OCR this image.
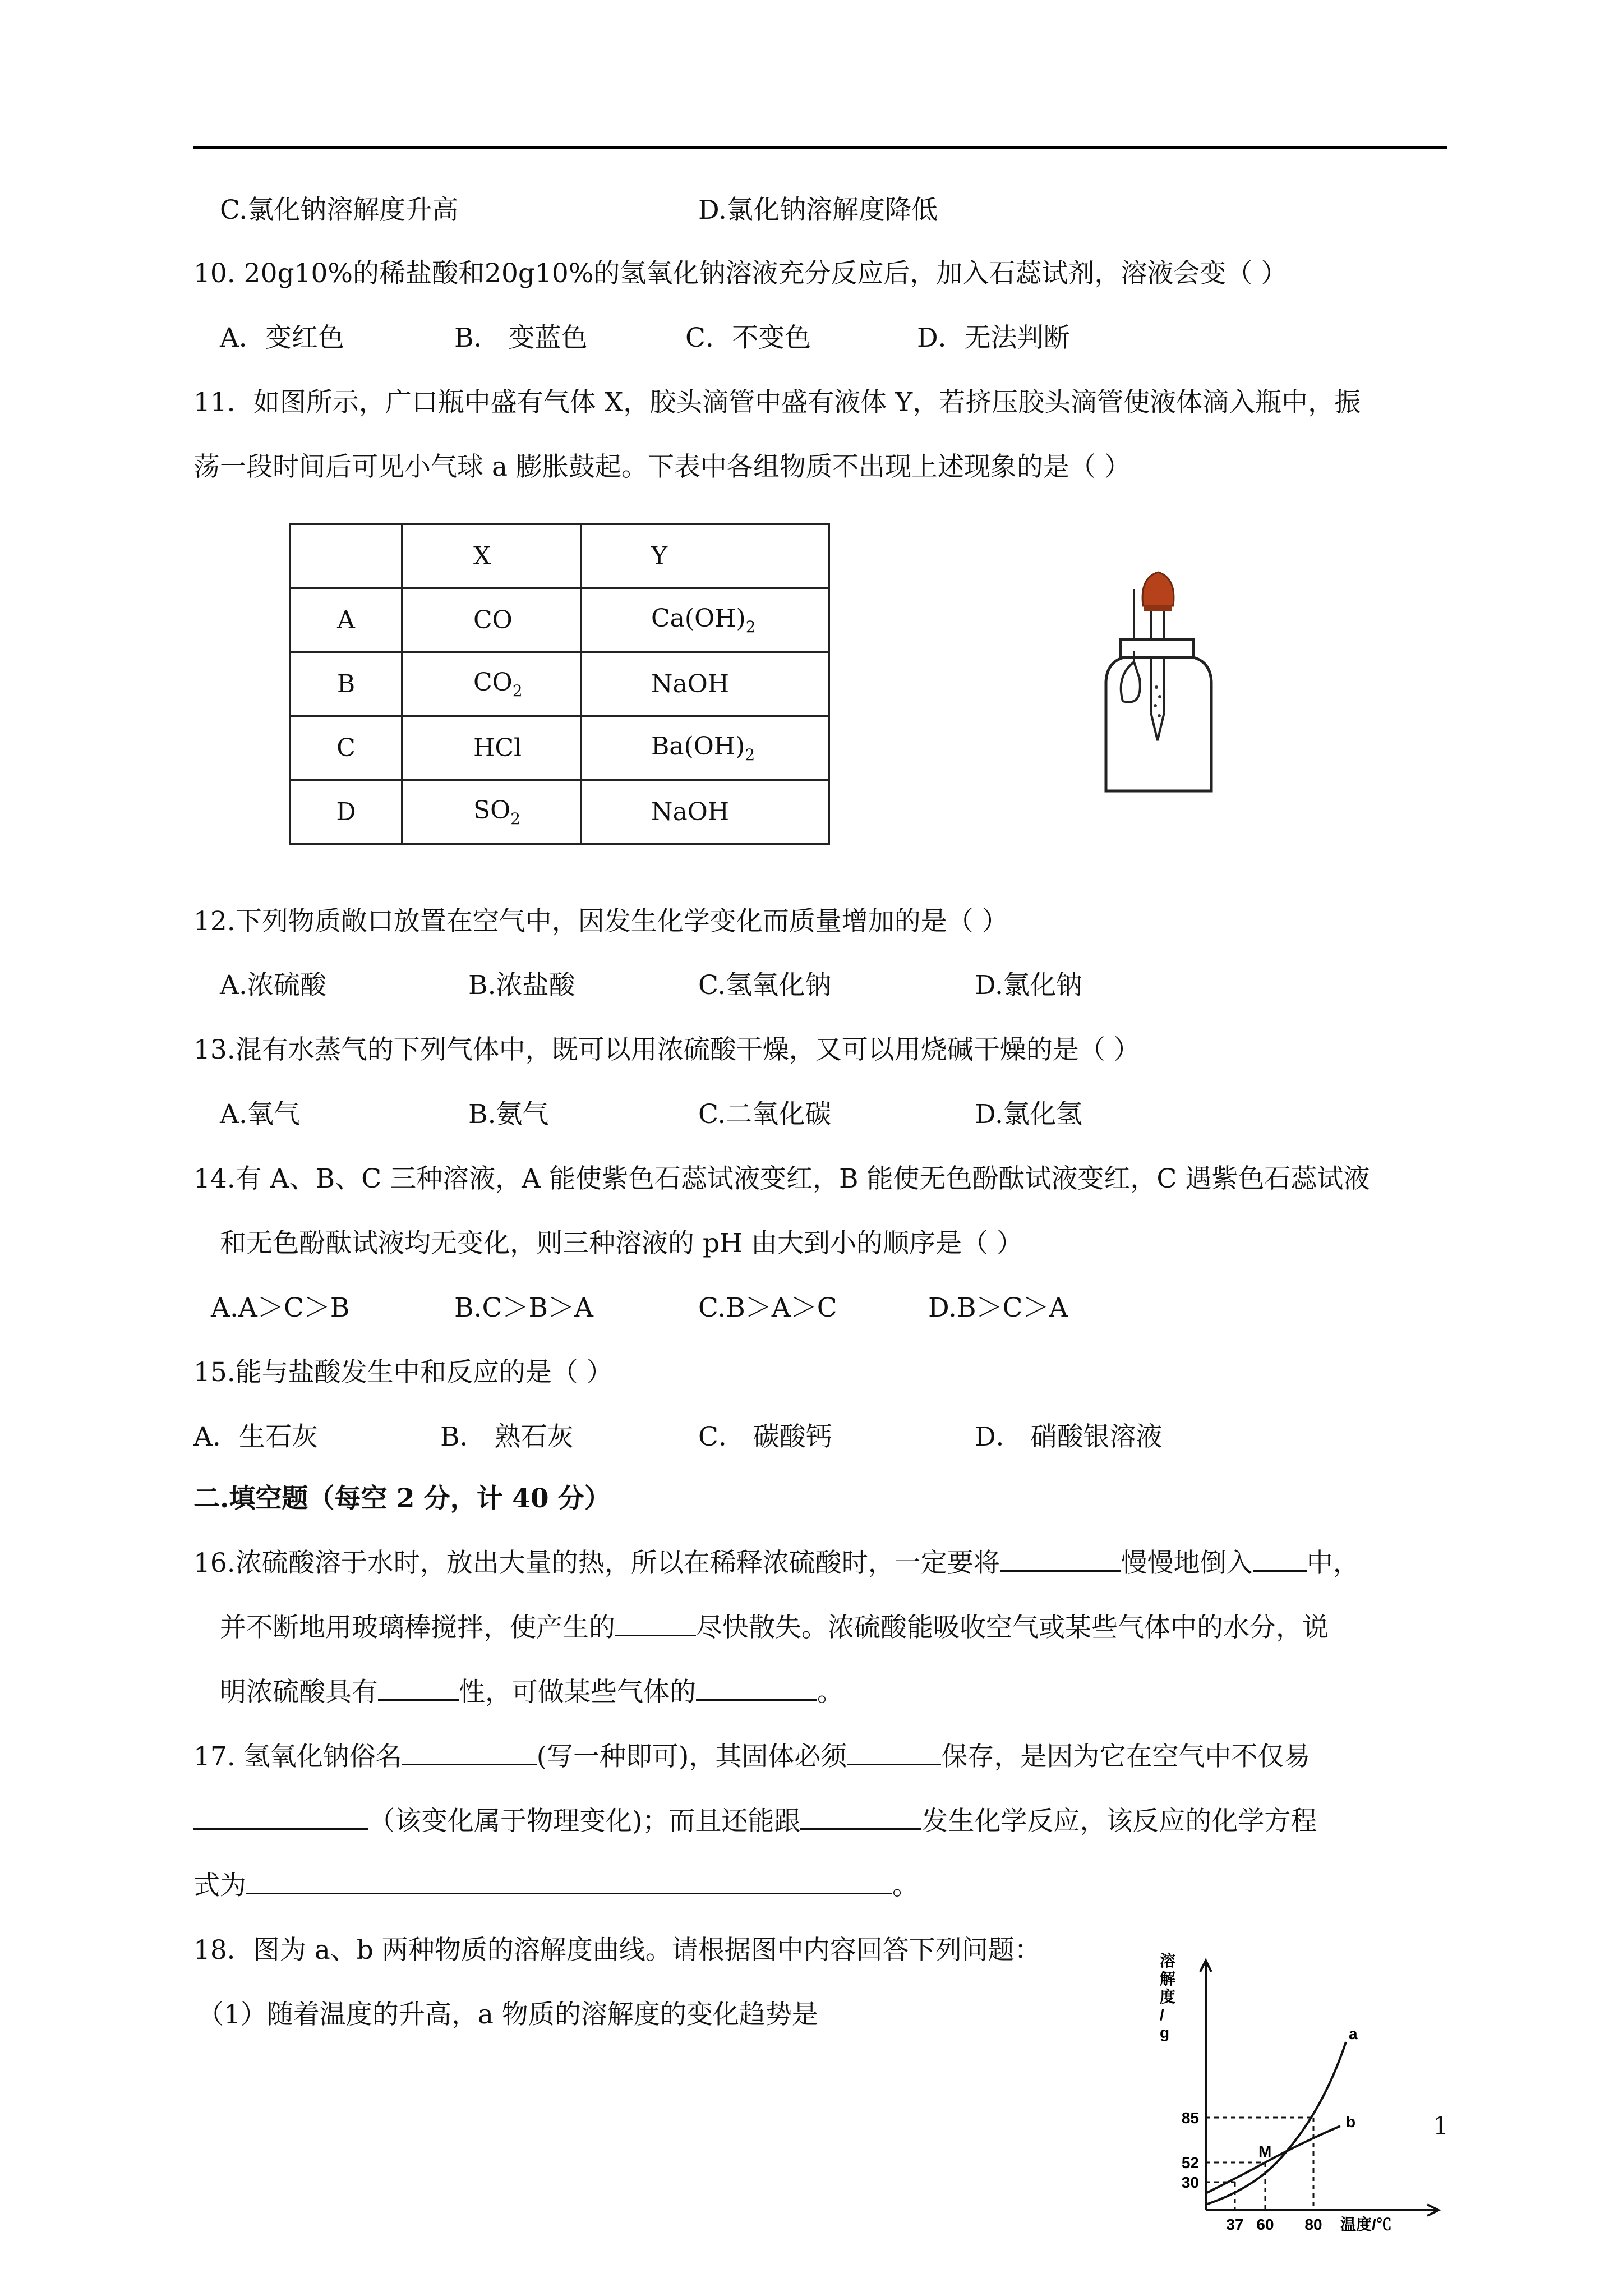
C.氯化钠溶解度升高	D.氯化钠溶解度降低
10. 20g10%的稀盐酸和20g10%的氢氧化钠溶液充分反应后，加入石蕊试剂，溶液会变（ ）
A．变红色	B． 变蓝色	C．不变色	D．无法判断
11．如图所示，广口瓶中盛有气体 X，胶头滴管中盛有液体 Y，若挤压胶头滴管使液体滴入瓶中，振
荡一段时间后可见小气球 a 膨胀鼓起。下表中各组物质不出现上述现象的是（ ）
12.下列物质敞口放置在空气中，因发生化学变化而质量增加的是（ ）
A.浓硫酸	B.浓盐酸	C.氢氧化钠	D.氯化钠
13.混有水蒸气的下列气体中，既可以用浓硫酸干燥，又可以用烧碱干燥的是（ ）
A.氧气	B.氨气	C.二氧化碳	D.氯化氢
14.有 A、B、C 三种溶液，A 能使紫色石蕊试液变红，B 能使无色酚酞试液变红，C 遇紫色石蕊试液
和无色酚酞试液均无变化，则三种溶液的 pH 由大到小的顺序是（ ）
A.A＞C＞B	B.C＞B＞A	C.B＞A＞C	D.B＞C＞A
15.能与盐酸发生中和反应的是（ ）
A．生石灰	B． 熟石灰	C． 碳酸钙	D． 硝酸银溶液
二.填空题（每空 2 分，计 40 分）
16.浓硫酸溶于水时，放出大量的热，所以在稀释浓硫酸时，一定要将	慢慢地倒入 中，
并不断地用玻璃棒搅拌，使产生的	尽快散失。浓硫酸能吸收空气或某些气体中的水分，说
明浓硫酸具有	性，可做某些气体的	。
17. 氢氧化钠俗名	(写一种即可)，其固体必须	保存，是因为它在空气中不仅易
（该变化属于物理变化)；而且还能跟	发生化学反应，该反应的化学方程
式为	。
18．图为 a、b 两种物质的溶解度曲线。请根据图中内容回答下列问题：
（1）随着温度的升高，a 物质的溶解度的变化趋势是
	X	Y
A	CO	$Ca(OH)_2$
B	$CO_2$	NaOH
C	HCl	$Ba(OH)_2$
D	$SO_2$	NaOH
溶
解
度
/
g
85
52
30
37 60 80 温度/℃
a
b
M
1
